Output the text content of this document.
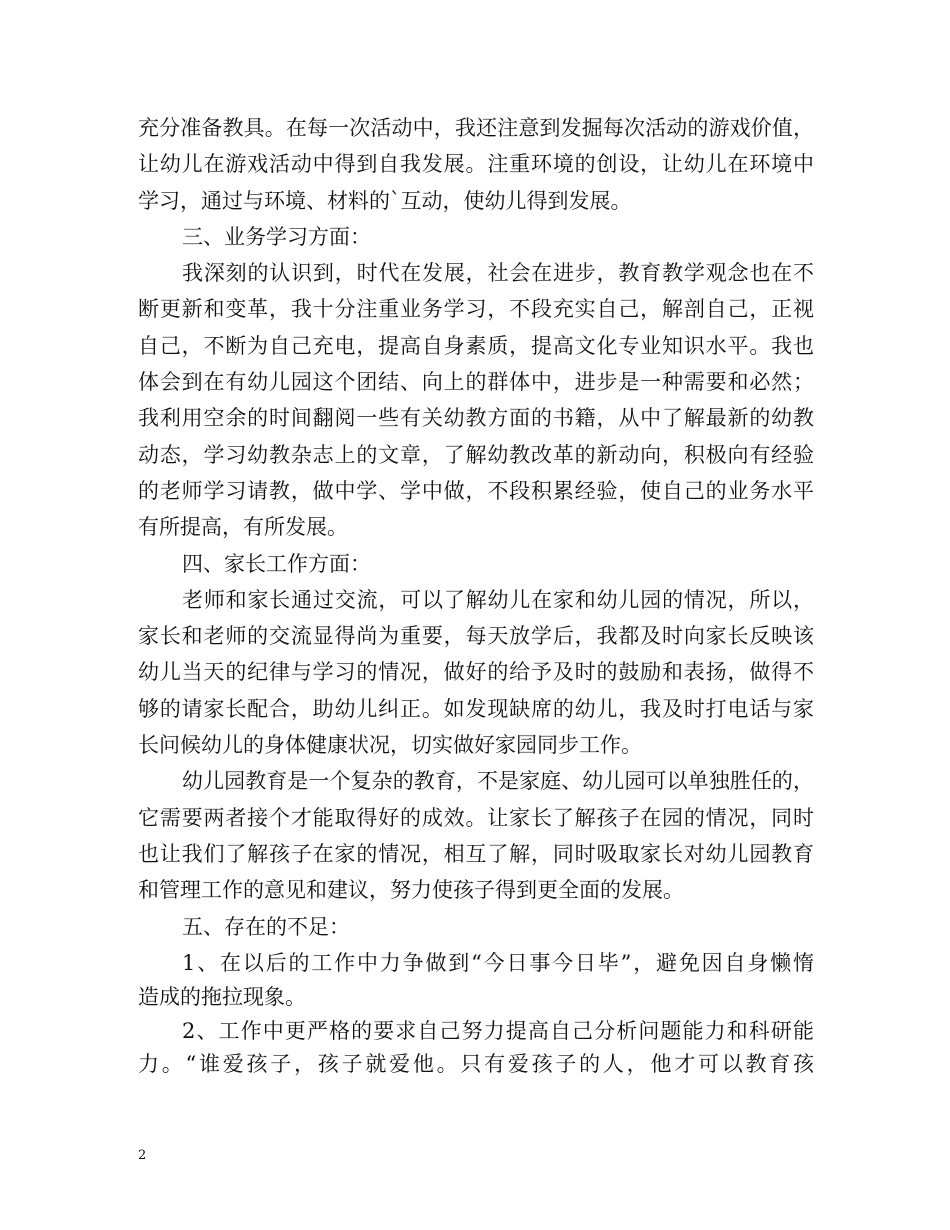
充分准备教具。在每一次活动中，我还注意到发掘每次活动的游戏价值，
让幼儿在游戏活动中得到自我发展。注重环境的创设，让幼儿在环境中
学习，通过与环境、材料的`互动，使幼儿得到发展。
三、业务学习方面：
我深刻的认识到，时代在发展，社会在进步，教育教学观念也在不
断更新和变革，我十分注重业务学习，不段充实自己，解剖自己，正视
自己，不断为自己充电，提高自身素质，提高文化专业知识水平。我也
体会到在有幼儿园这个团结、向上的群体中，进步是一种需要和必然；
我利用空余的时间翻阅一些有关幼教方面的书籍，从中了解最新的幼教
动态，学习幼教杂志上的文章，了解幼教改革的新动向，积极向有经验
的老师学习请教，做中学、学中做，不段积累经验，使自己的业务水平
有所提高，有所发展。
四、家长工作方面：
老师和家长通过交流，可以了解幼儿在家和幼儿园的情况，所以，
家长和老师的交流显得尚为重要，每天放学后，我都及时向家长反映该
幼儿当天的纪律与学习的情况，做好的给予及时的鼓励和表扬，做得不
够的请家长配合，助幼儿纠正。如发现缺席的幼儿，我及时打电话与家
长问候幼儿的身体健康状况，切实做好家园同步工作。
幼儿园教育是一个复杂的教育，不是家庭、幼儿园可以单独胜任的，
它需要两者接个才能取得好的成效。让家长了解孩子在园的情况，同时
也让我们了解孩子在家的情况，相互了解，同时吸取家长对幼儿园教育
和管理工作的意见和建议，努力使孩子得到更全面的发展。
五、存在的不足：
1、在以后的工作中力争做到“今日事今日毕”，避免因自身懒惰
造成的拖拉现象。
2、工作中更严格的要求自己努力提高自己分析问题能力和科研能
力。“谁爱孩子，孩子就爱他。只有爱孩子的人，他才可以教育孩
2
